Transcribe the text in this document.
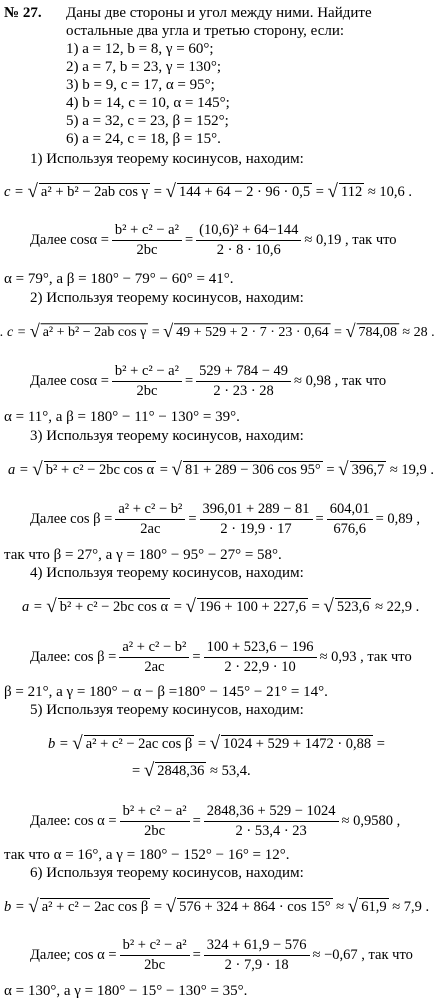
№ 27. Даны две стороны и угол между ними. Найдите
остальные два угла и третью сторону, если:
1) a = 12, b = 8, γ = 60°;
2) a = 7, b = 23, γ = 130°;
3) b = 9, c = 17, α = 95°;
4) b = 14, c = 10, α = 145°;
5) a = 32, c = 23, β = 152°;
6) a = 24, c = 18, β = 15°.
1) Используя теорему косинусов, находим:
c =
√ a² + b² − 2ab cos γ
=
√ 144 + 64 − 2 · 96 · 0,5
=
√ 112
≈ 10,6 .
Далее $\cos\alpha = \frac{\text{b² + c² − a²}}{2bc} = \frac{\text{(10,6)² + 64−144}}{2 \cdot 8 \cdot 10,6} \approx 0,19$ , так что
α = 79°, а β = 180° − 79° − 60° = 41°.
2) Используя теорему косинусов, находим:
. c =
√ a² + b² − 2ab cos γ
=
√ 49 + 529 + 2 · 7 · 23 · 0,64
=
√ 784,08
≈ 28 .
Далее $\cos\alpha = \frac{\text{b² + c² − a²}}{2bc} = \frac{529 + 784 - 49}{2 \cdot 23 \cdot 28} \approx 0,98$ , так что
α = 11°, а β = 180° − 11° − 130° = 39°.
3) Используя теорему косинусов, находим:
a =
√ b² + c² − 2bc cos α
=
√ 81 + 289 − 306 cos 95°
=
√ 396,7
≈ 19,9 .
Далее $\cos \beta = \frac{\text{a² + c² − b²}}{2ac} = \frac{396,01 + 289 - 81}{2 \cdot 19,9 \cdot 17} = \frac{604,01}{676,6} = 0,89$ ,
так что β = 27°, а γ = 180° − 95° − 27° = 58°.
4) Используя теорему косинусов, находим:
a =
√ b² + c² − 2bc cos α
=
√ 196 + 100 + 227,6
=
√ 523,6
≈ 22,9 .
Далее: $\cos \beta = \frac{\text{a² + c² − b²}}{2ac} = \frac{100 + 523,6 - 196}{2 \cdot 22,9 \cdot 10} \approx 0,93$ , так что
β = 21°, а γ = 180° − α − β =180° − 145° − 21° = 14°.
5) Используя теорему косинусов, находим:
b =
√ a² + c² − 2ac cos β
=
√ 1024 + 529 + 1472 · 0,88
=
=
√ 2848,36
≈ 53,4.
Далее: $\cos \alpha = \frac{\text{b² + c² − a²}}{2bc} = \frac{2848,36 + 529 - 1024}{2 \cdot 53,4 \cdot 23} \approx 0,9580$ ,
так что α = 16°, а γ = 180° − 152° − 16° = 12°.
6) Используя теорему косинусов, находим:
b =
√ a² + c² − 2ac cos β
=
√ 576 + 324 + 864 · cos 15°
≈
√ 61,9
≈ 7,9 .
Далее; $\cos \alpha = \frac{\text{b² + c² − a²}}{2bc} = \frac{324 + 61,9 - 576}{2 \cdot 7,9 \cdot 18} \approx -0,67$ , так что
α = 130°, а γ = 180° − 15° − 130° = 35°.
